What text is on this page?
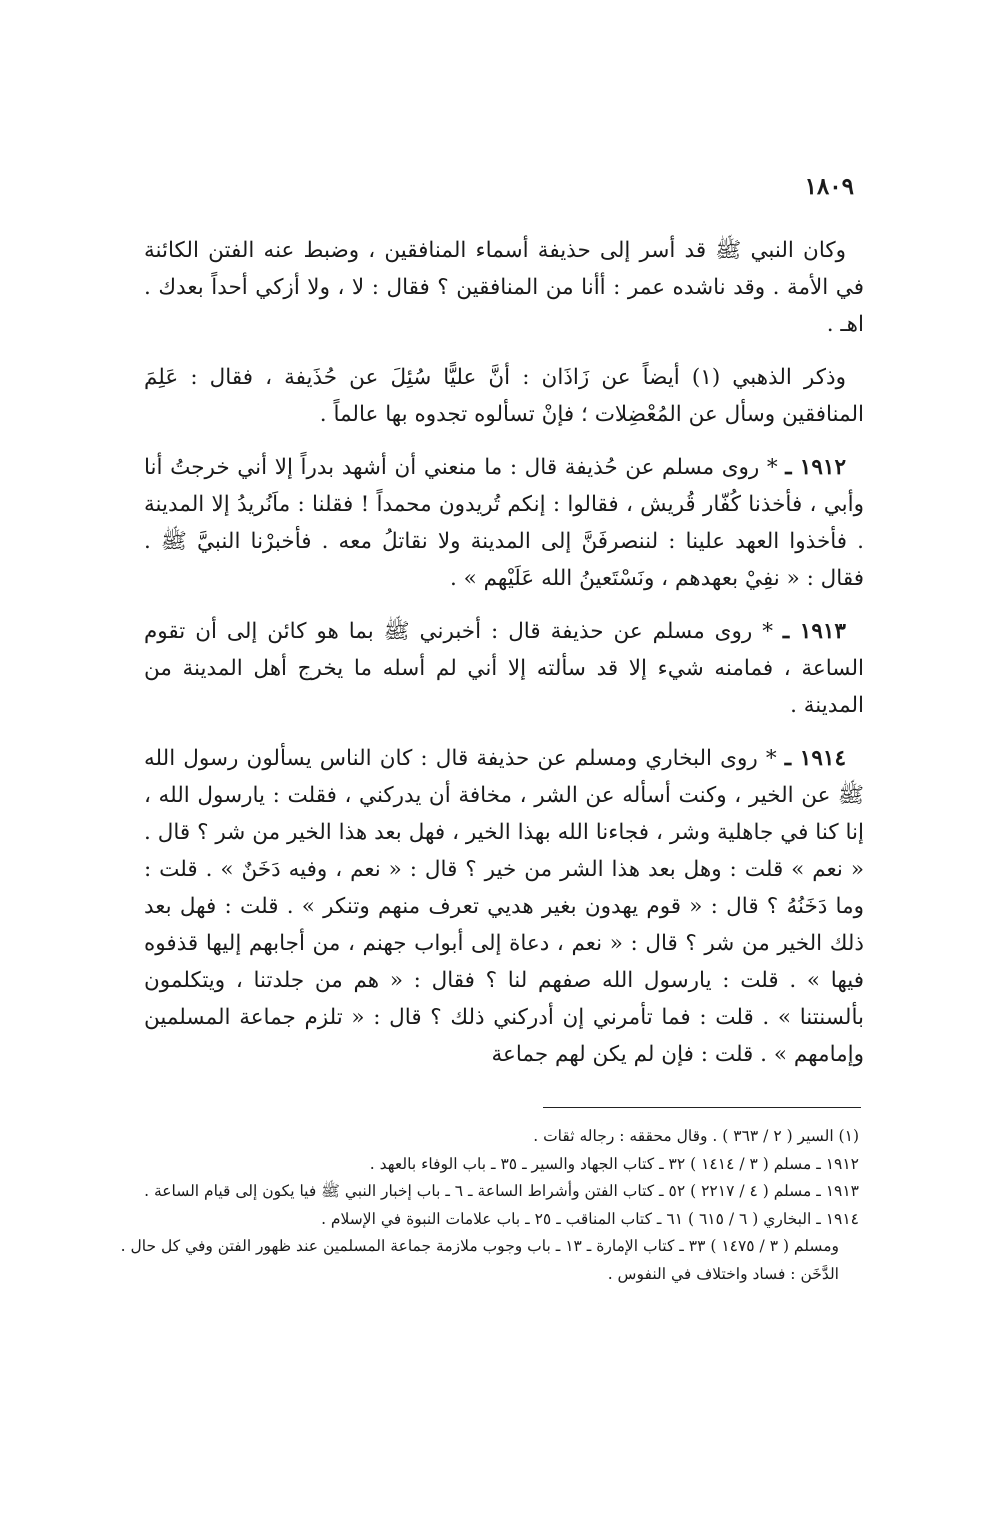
١٨٠٩

وكان النبي ﷺ قد أسر إلى حذيفة أسماء المنافقين ، وضبط عنه الفتن الكائنة في الأمة . وقد ناشده عمر : أأنا من المنافقين ؟ فقال : لا ، ولا أزكي أحداً بعدك . اهـ .

وذكر الذهبي (١) أيضاً عن زَاذَان : أنَّ عليًّا سُئِلَ عن حُذَيفة ، فقال : عَلِمَ المنافقين وسأل عن المُعْضِلات ؛ فإنْ تسألوه تجدوه بها عالماً .

١٩١٢ ـ * روى مسلم عن حُذيفة قال : ما منعني أن أشهد بدراً إلا أني خرجتُ أنا وأبي ، فأخذنا كُفّار قُريش ، فقالوا : إنكم تُريدون محمداً ! فقلنا : ماَنُريدُ إلا المدينة . فأخذوا العهد علينا : لننصرفَنَّ إلى المدينة ولا نقاتلُ معه . فأخبرْنا النبيَّ ﷺ . فقال : « نفِيْ بعهدهم ، ونَسْتَعينُ الله عَلَيْهم » .

١٩١٣ ـ * روى مسلم عن حذيفة قال : أخبرني ﷺ بما هو كائن إلى أن تقوم الساعة ، فمامنه شيء إلا قد سألته إلا أني لم أسله ما يخرج أهل المدينة من المدينة .

١٩١٤ ـ * روى البخاري ومسلم عن حذيفة قال : كان الناس يسألون رسول الله ﷺ عن الخير ، وكنت أسأله عن الشر ، مخافة أن يدركني ، فقلت : يارسول الله ، إنا كنا في جاهلية وشر ، فجاءنا الله بهذا الخير ، فهل بعد هذا الخير من شر ؟ قال . « نعم » قلت : وهل بعد هذا الشر من خير ؟ قال : « نعم ، وفيه دَخَنٌ » . قلت : وما دَخَنُهُ ؟ قال : « قوم يهدون بغير هديي تعرف منهم وتنكر » . قلت : فهل بعد ذلك الخير من شر ؟ قال : « نعم ، دعاة إلى أبواب جهنم ، من أجابهم إليها قذفوه فيها » . قلت : يارسول الله صفهم لنا ؟ فقال : « هم من جلدتنا ، ويتكلمون بألسنتنا » . قلت : فما تأمرني إن أدركني ذلك ؟ قال : « تلزم جماعة المسلمين وإمامهم » . قلت : فإن لم يكن لهم جماعة

(١) السير ( ٢ / ٣٦٣ ) . وقال محققه : رجاله ثقات .

١٩١٢ ـ مسلم ( ٣ / ١٤١٤ ) ٣٢ ـ كتاب الجهاد والسير ـ ٣٥ ـ باب الوفاء بالعهد .

١٩١٣ ـ مسلم ( ٤ / ٢٢١٧ ) ٥٢ ـ كتاب الفتن وأشراط الساعة ـ ٦ ـ باب إخبار النبي ﷺ فيا يكون إلى قيام الساعة .

١٩١٤ ـ البخاري ( ٦ / ٦١٥ ) ٦١ ـ كتاب المناقب ـ ٢٥ ـ باب علامات النبوة في الإسلام .

ومسلم ( ٣ / ١٤٧٥ ) ٣٣ ـ كتاب الإمارة ـ ١٣ ـ باب وجوب ملازمة جماعة المسلمين عند ظهور الفتن وفي كل حال .

الدَّخَن : فساد واختلاف في النفوس .
